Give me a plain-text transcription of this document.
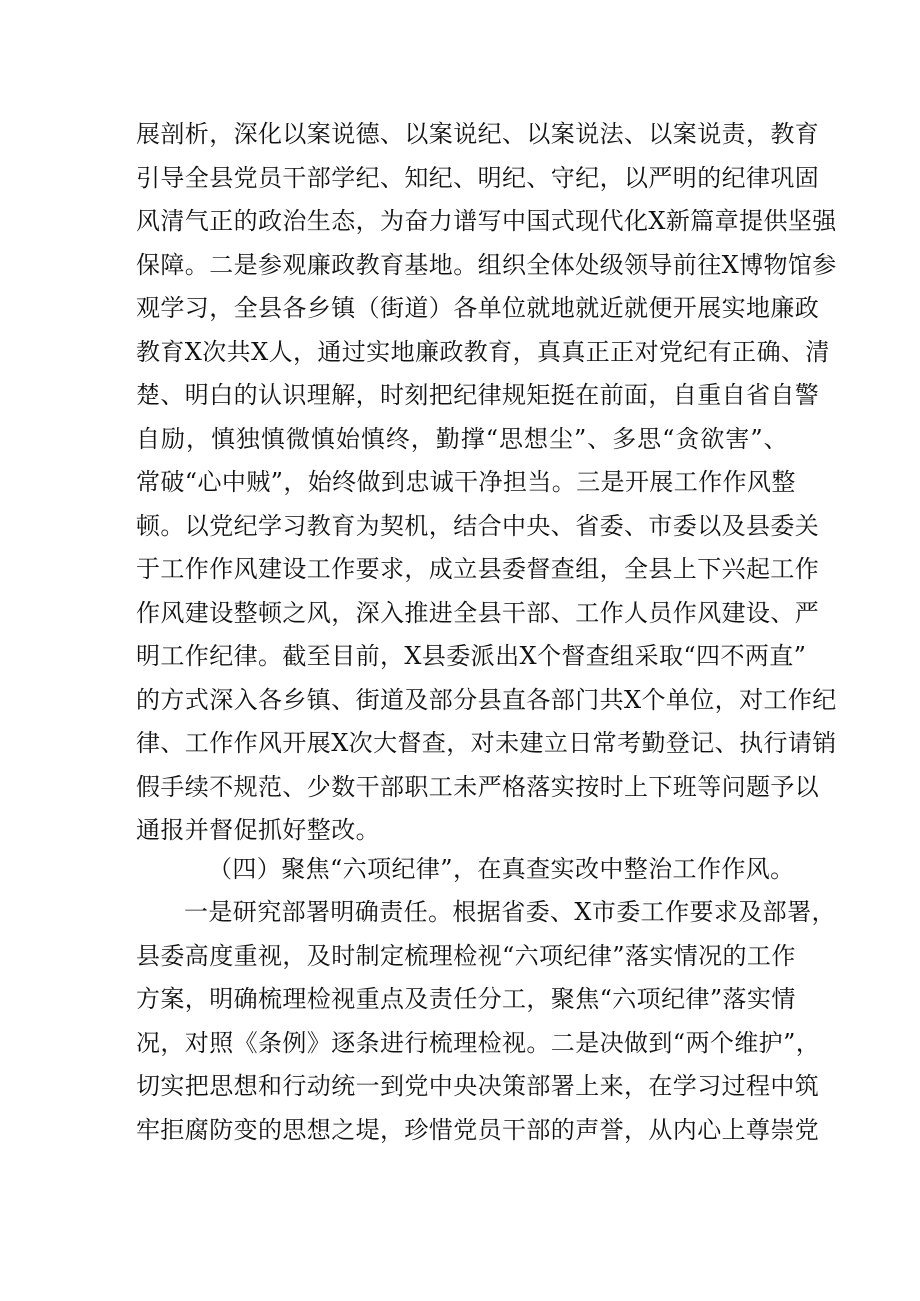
展剖析，深化以案说德、以案说纪、以案说法、以案说责，教育
引导全县党员干部学纪、知纪、明纪、守纪，以严明的纪律巩固
风清气正的政治生态，为奋力谱写中国式现代化X新篇章提供坚强
保障。二是参观廉政教育基地。组织全体处级领导前往X博物馆参
观学习，全县各乡镇（街道）各单位就地就近就便开展实地廉政
教育X次共X人，通过实地廉政教育，真真正正对党纪有正确、清
楚、明白的认识理解，时刻把纪律规矩挺在前面，自重自省自警
自励，慎独慎微慎始慎终，勤撑“思想尘”、多思“贪欲害”、
常破“心中贼”，始终做到忠诚干净担当。三是开展工作作风整
顿。以党纪学习教育为契机，结合中央、省委、市委以及县委关
于工作作风建设工作要求，成立县委督查组，全县上下兴起工作
作风建设整顿之风，深入推进全县干部、工作人员作风建设、严
明工作纪律。截至目前，X县委派出X个督查组采取“四不两直”
的方式深入各乡镇、街道及部分县直各部门共X个单位，对工作纪
律、工作作风开展X次大督查，对未建立日常考勤登记、执行请销
假手续不规范、少数干部职工未严格落实按时上下班等问题予以
通报并督促抓好整改。
（四）聚焦“六项纪律”，在真查实改中整治工作作风。
一是研究部署明确责任。根据省委、X市委工作要求及部署，
县委高度重视，及时制定梳理检视“六项纪律”落实情况的工作
方案，明确梳理检视重点及责任分工，聚焦“六项纪律”落实情
况，对照《条例》逐条进行梳理检视。二是决做到“两个维护”，
切实把思想和行动统一到党中央决策部署上来，在学习过程中筑
牢拒腐防变的思想之堤，珍惜党员干部的声誉，从内心上尊崇党
